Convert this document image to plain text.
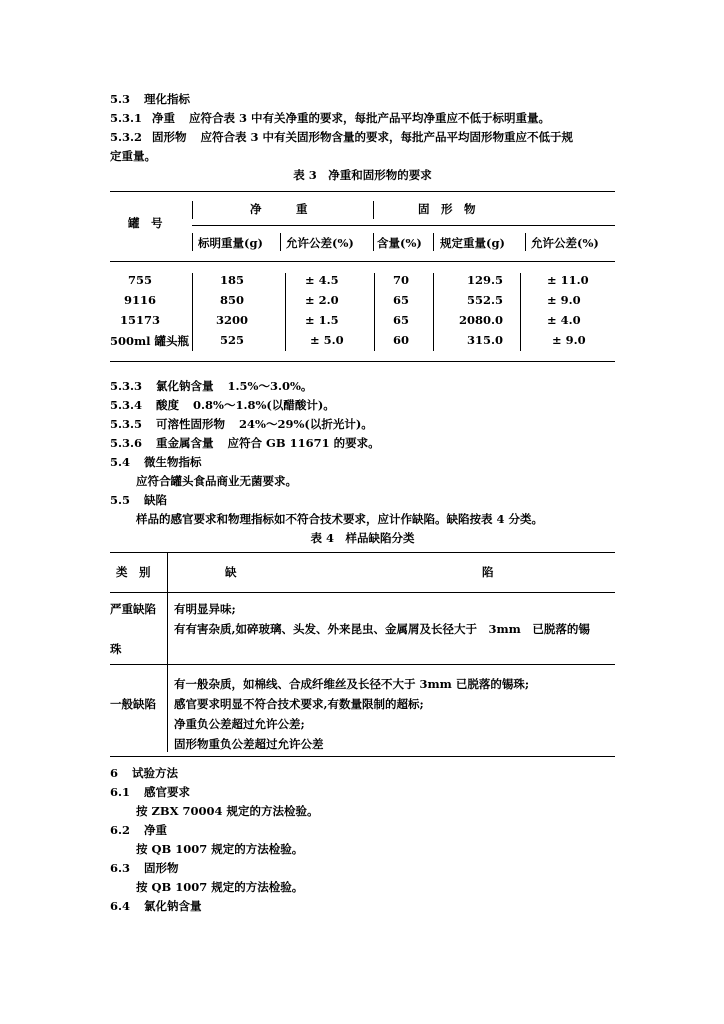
5.3 理化指标
5.3.1 净重 应符合表 3 中有关净重的要求，每批产品平均净重应不低于标明重量。
5.3.2 固形物 应符合表 3 中有关固形物含量的要求，每批产品平均固形物重应不低于规
定重量。
表 3　净重和固形物的要求
罐　号
净　　　重	固　形　物
标明重量(g) 允许公差(%) 含量(%) 规定重量(g) 允许公差(%)
755	185	± 4.5	70	129.5	± 11.0
9116	850	± 2.0	65	552.5	± 9.0
15173	3200	± 1.5	65	2080.0	± 4.0
500ml 罐头瓶	525	± 5.0	60	315.0	± 9.0
5.3.3 氯化钠含量 1.5%～3.0%。
5.3.4 酸度 0.8%～1.8%(以醋酸计)。
5.3.5 可溶性固形物 24%～29%(以折光计)。
5.3.6 重金属含量 应符合 GB 11671 的要求。
5.4 微生物指标
应符合罐头食品商业无菌要求。
5.5 缺陷
样品的感官要求和物理指标如不符合技术要求，应计作缺陷。缺陷按表 4 分类。
表 4　样品缺陷分类
类　别	缺	陷
严重缺陷 有明显异味;
有有害杂质,如碎玻璃、头发、外来昆虫、金属屑及长径大于　3mm　已脱落的锡
珠
一般缺陷
有一般杂质，如棉线、合成纤维丝及长径不大于 3mm 已脱落的锡珠;
感官要求明显不符合技术要求,有数量限制的超标;
净重负公差超过允许公差;
固形物重负公差超过允许公差
6 试验方法
6.1 感官要求
按 ZBX 70004 规定的方法检验。
6.2 净重
按 QB 1007 规定的方法检验。
6.3 固形物
按 QB 1007 规定的方法检验。
6.4 氯化钠含量
